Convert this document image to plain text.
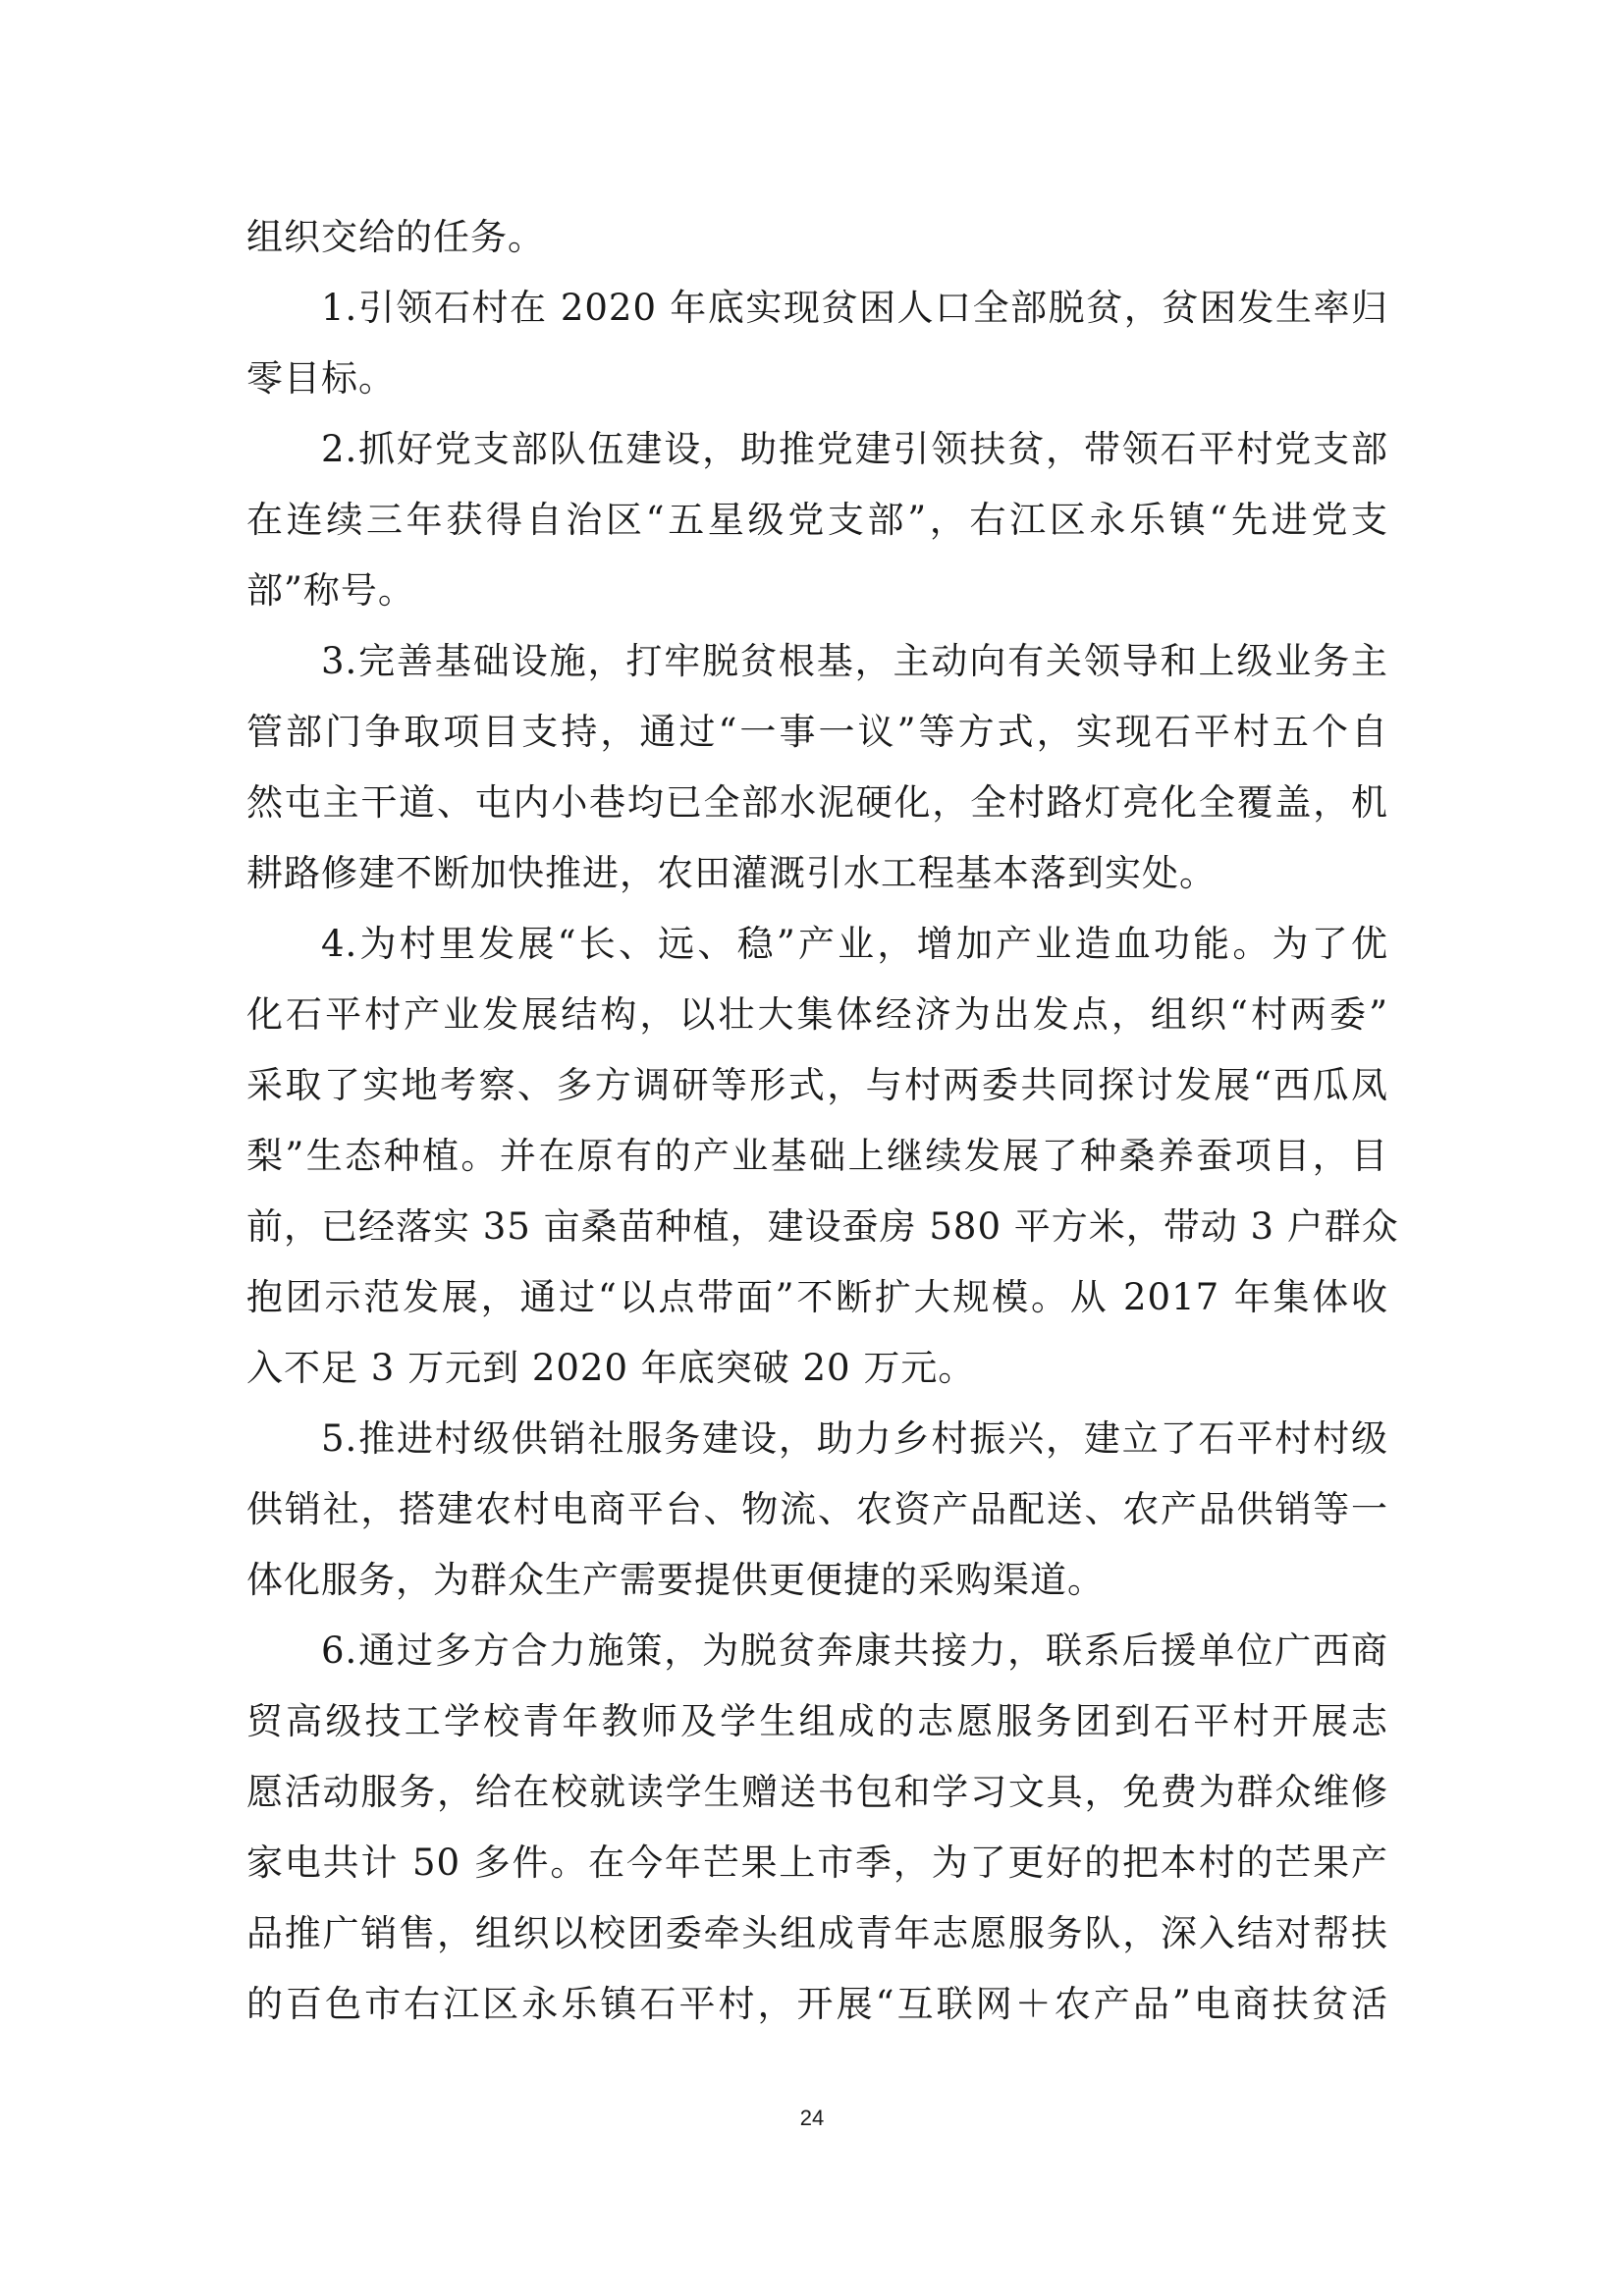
组织交给的任务。
1.引领石村在 2020 年底实现贫困人口全部脱贫，贫困发生率归
零目标。
2.抓好党支部队伍建设，助推党建引领扶贫，带领石平村党支部
在连续三年获得自治区“五星级党支部”，右江区永乐镇“先进党支
部”称号。
3.完善基础设施，打牢脱贫根基，主动向有关领导和上级业务主
管部门争取项目支持，通过“一事一议”等方式，实现石平村五个自
然屯主干道、屯内小巷均已全部水泥硬化，全村路灯亮化全覆盖，机
耕路修建不断加快推进，农田灌溉引水工程基本落到实处。
4.为村里发展“长、远、稳”产业，增加产业造血功能。为了优
化石平村产业发展结构，以壮大集体经济为出发点，组织“村两委”
采取了实地考察、多方调研等形式，与村两委共同探讨发展“西瓜凤
梨”生态种植。并在原有的产业基础上继续发展了种桑养蚕项目，目
前，已经落实 35 亩桑苗种植，建设蚕房 580 平方米，带动 3 户群众
抱团示范发展，通过“以点带面”不断扩大规模。从 2017 年集体收
入不足 3 万元到 2020 年底突破 20 万元。
5.推进村级供销社服务建设，助力乡村振兴，建立了石平村村级
供销社，搭建农村电商平台、物流、农资产品配送、农产品供销等一
体化服务，为群众生产需要提供更便捷的采购渠道。
6.通过多方合力施策，为脱贫奔康共接力，联系后援单位广西商
贸高级技工学校青年教师及学生组成的志愿服务团到石平村开展志
愿活动服务，给在校就读学生赠送书包和学习文具，免费为群众维修
家电共计 50 多件。在今年芒果上市季，为了更好的把本村的芒果产
品推广销售，组织以校团委牵头组成青年志愿服务队，深入结对帮扶
的百色市右江区永乐镇石平村，开展“互联网＋农产品”电商扶贫活
24
